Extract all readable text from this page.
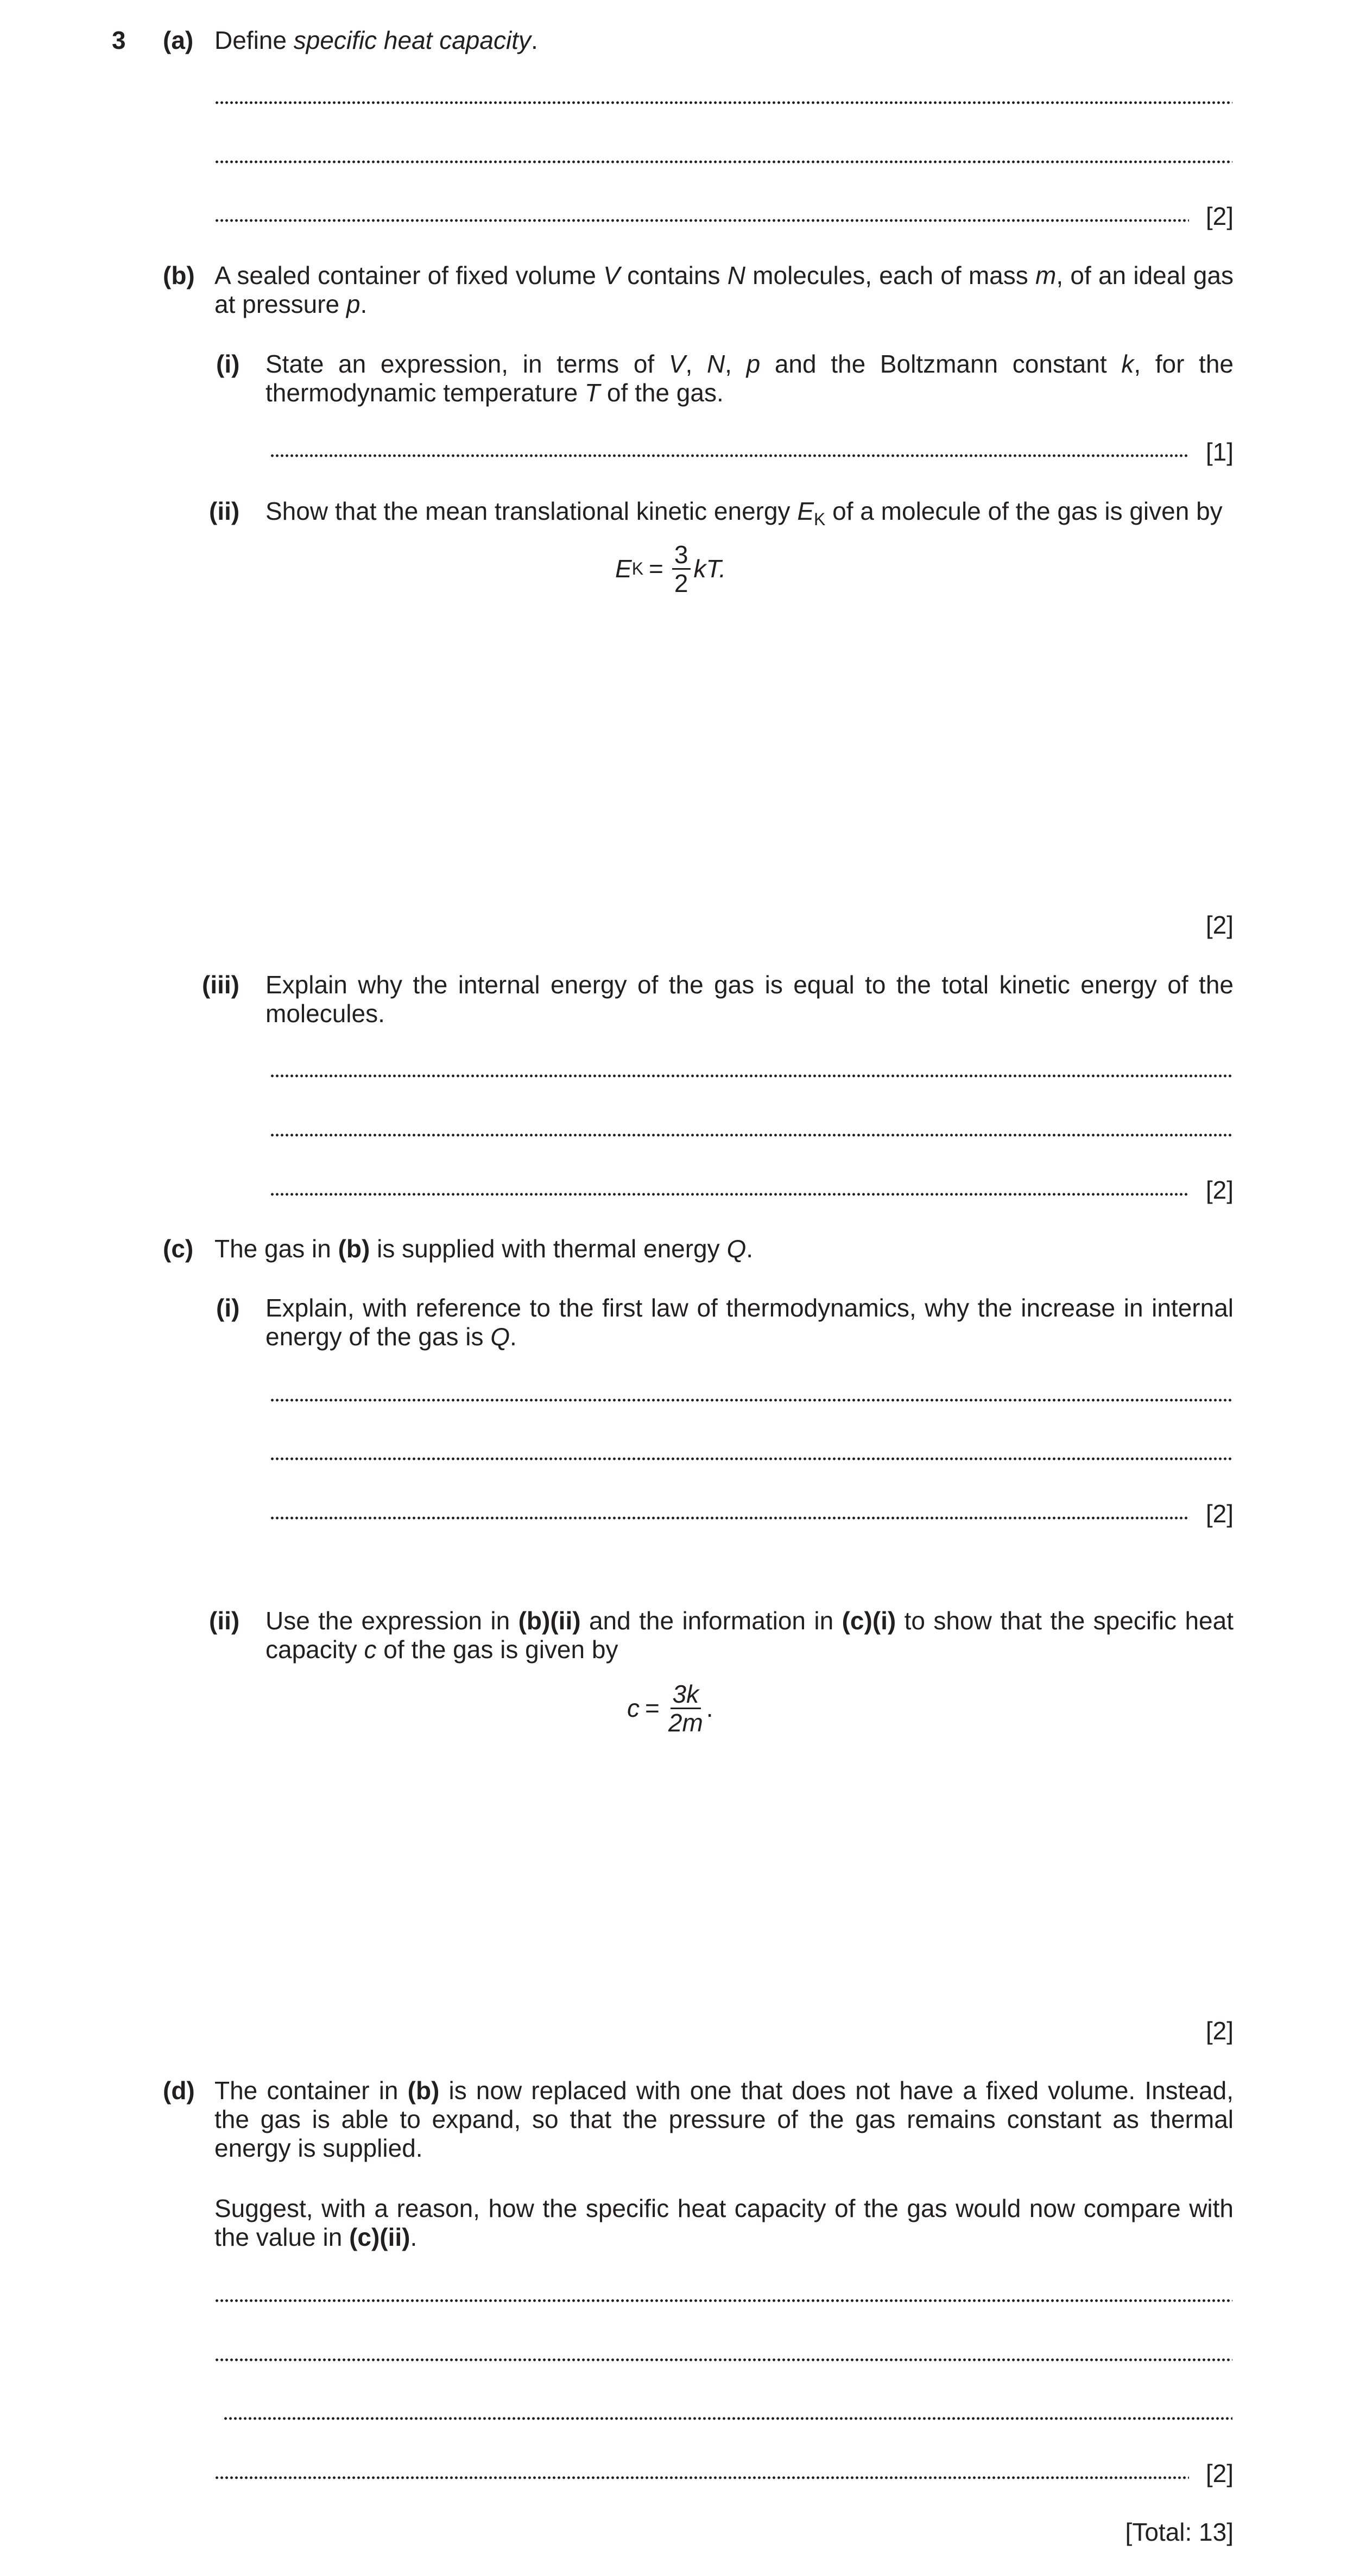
3 (a) Define specific heat capacity.
[2]
(b) A sealed container of fixed volume V contains N molecules, each of mass m, of an ideal gas at pressure p.
(i) State an expression, in terms of V, N, p and the Boltzmann constant k, for the thermodynamic temperature T of the gas.
[1]
(ii) Show that the mean translational kinetic energy $E_K$ of a molecule of the gas is given by
E $K = \frac{3}{2}$ kT.
[2]
(iii) Explain why the internal energy of the gas is equal to the total kinetic energy of the molecules.
[2]
(c) The gas in (b) is supplied with thermal energy Q.
(i) Explain, with reference to the first law of thermodynamics, why the increase in internal energy of the gas is Q.
[2]
(ii) Use the expression in (b)(ii) and the information in (c)(i) to show that the specific heat capacity c of the gas is given by
$c = \frac{3k}{2m}$ .
[2]
(d) The container in (b) is now replaced with one that does not have a fixed volume. Instead, the gas is able to expand, so that the pressure of the gas remains constant as thermal energy is supplied.
Suggest, with a reason, how the specific heat capacity of the gas would now compare with the value in (c)(ii).
[2]
[Total: 13]
